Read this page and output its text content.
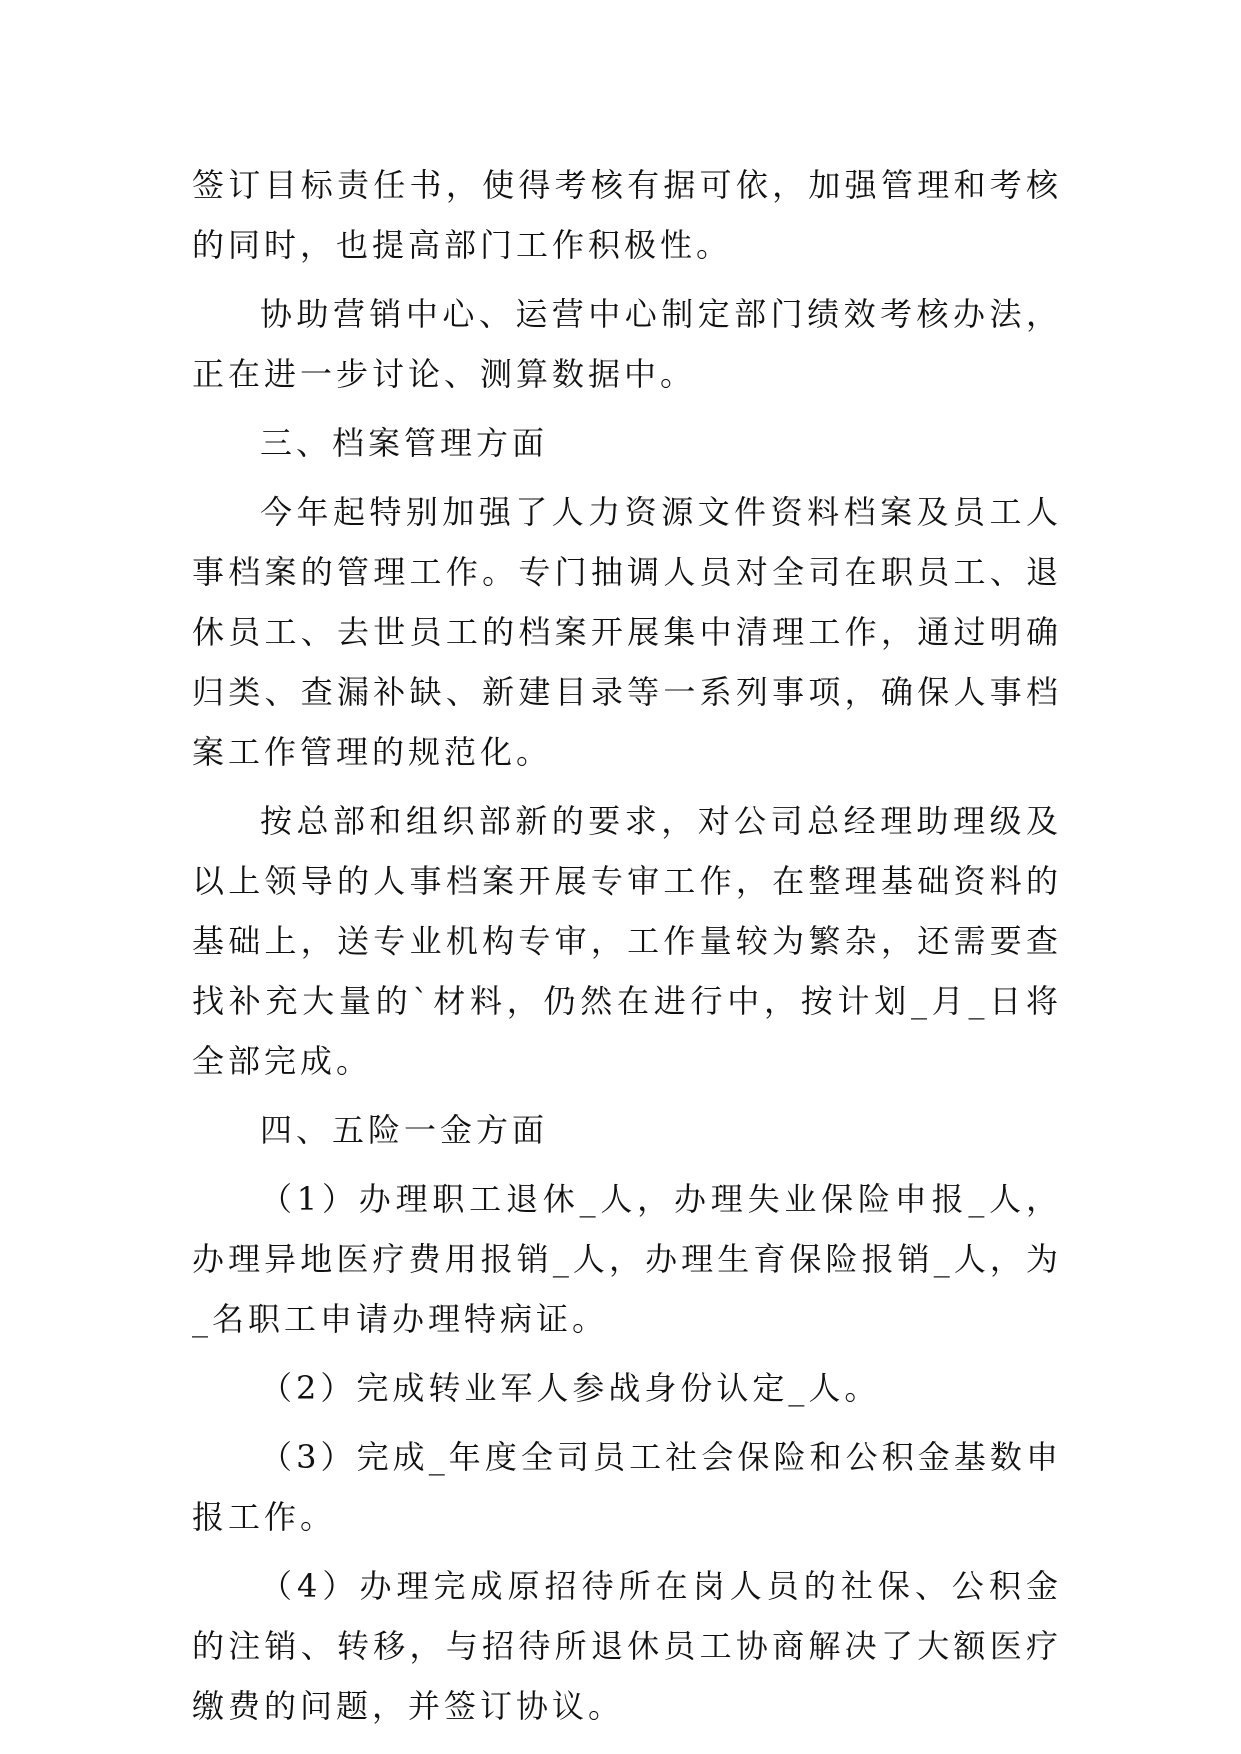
签订目标责任书，使得考核有据可依，加强管理和考核的同时，也提高部门工作积极性。

协助营销中心、运营中心制定部门绩效考核办法，正在进一步讨论、测算数据中。

三、档案管理方面

今年起特别加强了人力资源文件资料档案及员工人事档案的管理工作。专门抽调人员对全司在职员工、退休员工、去世员工的档案开展集中清理工作，通过明确归类、查漏补缺、新建目录等一系列事项，确保人事档案工作管理的规范化。

按总部和组织部新的要求，对公司总经理助理级及以上领导的人事档案开展专审工作，在整理基础资料的基础上，送专业机构专审，工作量较为繁杂，还需要查找补充大量的`材料，仍然在进行中，按计划_月_日将全部完成。

四、五险一金方面

（1）办理职工退休_人，办理失业保险申报_人，办理异地医疗费用报销_人，办理生育保险报销_人，为_名职工申请办理特病证。

（2）完成转业军人参战身份认定_人。

（3）完成_年度全司员工社会保险和公积金基数申报工作。

（4）办理完成原招待所在岗人员的社保、公积金的注销、转移，与招待所退休员工协商解决了大额医疗缴费的问题，并签订协议。
